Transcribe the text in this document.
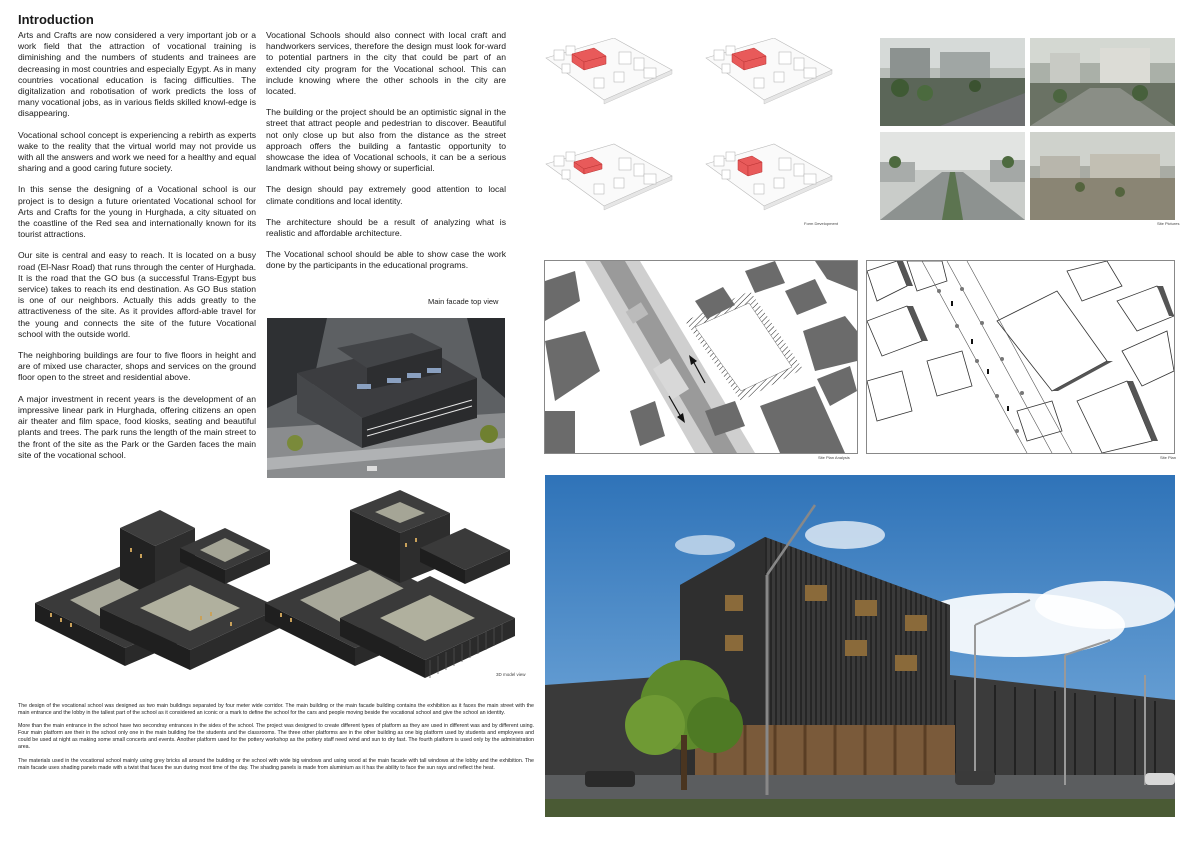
Introduction

Arts and Crafts are now considered a very important job or a work field that the attraction of vocational training is diminishing and the numbers of students and trainees are decreasing in most countries and especially Egypt. As in many countries vocational education is facing difficulties. The digitalization and robotisation of work predicts the loss of many vocational jobs, as in various fields skilled knowl-edge is disappearing.

Vocational school concept is experiencing a rebirth as experts wake to the reality that the virtual world may not provide us with all the answers and work we need for a healthy and equal sharing and a good caring future society.

In this sense the designing of a Vocational school is our project is to design a future orientated Vocational school for Arts and Crafts for the young in Hurghada, a city situated on the coastline of the Red sea and internationally known for its tourist attractions.

Our site is central and easy to reach. It is located on a busy road (El-Nasr Road) that runs through the center of Hurghada. It is the road that the GO bus (a successful Trans-Egypt bus service) takes to reach its end destination. As GO Bus station is one of our neighbors. Actually this adds greatly to the attractiveness of the site. As it provides afford-able travel for the young and connects the site of the future Vocational school with the outside world.

The neighboring buildings are four to five floors in height and are of mixed use character, shops and services on the ground floor open to the street and residential above.

A major investment in recent years is the development of an impressive linear park in Hurghada, offering citizens an open air theater and film space, food kiosks, seating and beautiful plants and trees. The park runs the length of the main street to the front of the site as the Park or the Garden faces the main site of the vocational school.

Vocational Schools should also connect with local craft and handworkers services, therefore the design must look for-ward to potential partners in the city that could be part of an extended city program for the Vocational school. This can include knowing where the other schools in the city are located.

The building or the project should be an optimistic signal in the street that attract people and pedestrian to discover. Beautiful not only close up but also from the distance as the street approach offers the building a fantastic opportunity to showcase the idea of Vocational schools, it can be a serious landmark without being showy or superficial.

The design should pay extremely good attention to local climate conditions and local identity.

The architecture should be a result of analyzing what is realistic and affordable architecture.

The Vocational school should be able to show case the work done by the participants in the educational programs.

Main facade top view
Form Development	Site Pictures
Site Plan Analysis	Site Plan
3D model view

The design of the vocational school was designed as two main buildings separated by four meter wide corridor. The main building or the main facade building contains the exhibition as it faces the main street with the main entrance and the lobby in the tallest part of the school as it considered an iconic or a mark to define the school for the cars and people moving beside the vocational school and give the school an identity.

More than the main entrance in the school have two secondray entrances in the sides of the school. The project was designed to create different types of platform as they are used in different was and by different using. Four main platform are their in the school only one in the main building foe the students and the classrooms. The three other platforms are in the other building as one big platform used by students and employees and could be used at night as making some small concerts and events. Another platform used for the pottery workshop as the pottery staff need wind and sun to dry fast. The fourth platform is used only by the administration area.

The materials used in the vocational school mainly using grey bricks all around the building or the school with wide big windows and using wood at the main facade with tall windows at the lobby and the exhibition. The main facade uses shading panels made with a twist that faces the sun during most time of the day. The shading panels is made from aluminium as it has the ability to face the sun rays and reflect the heat.
